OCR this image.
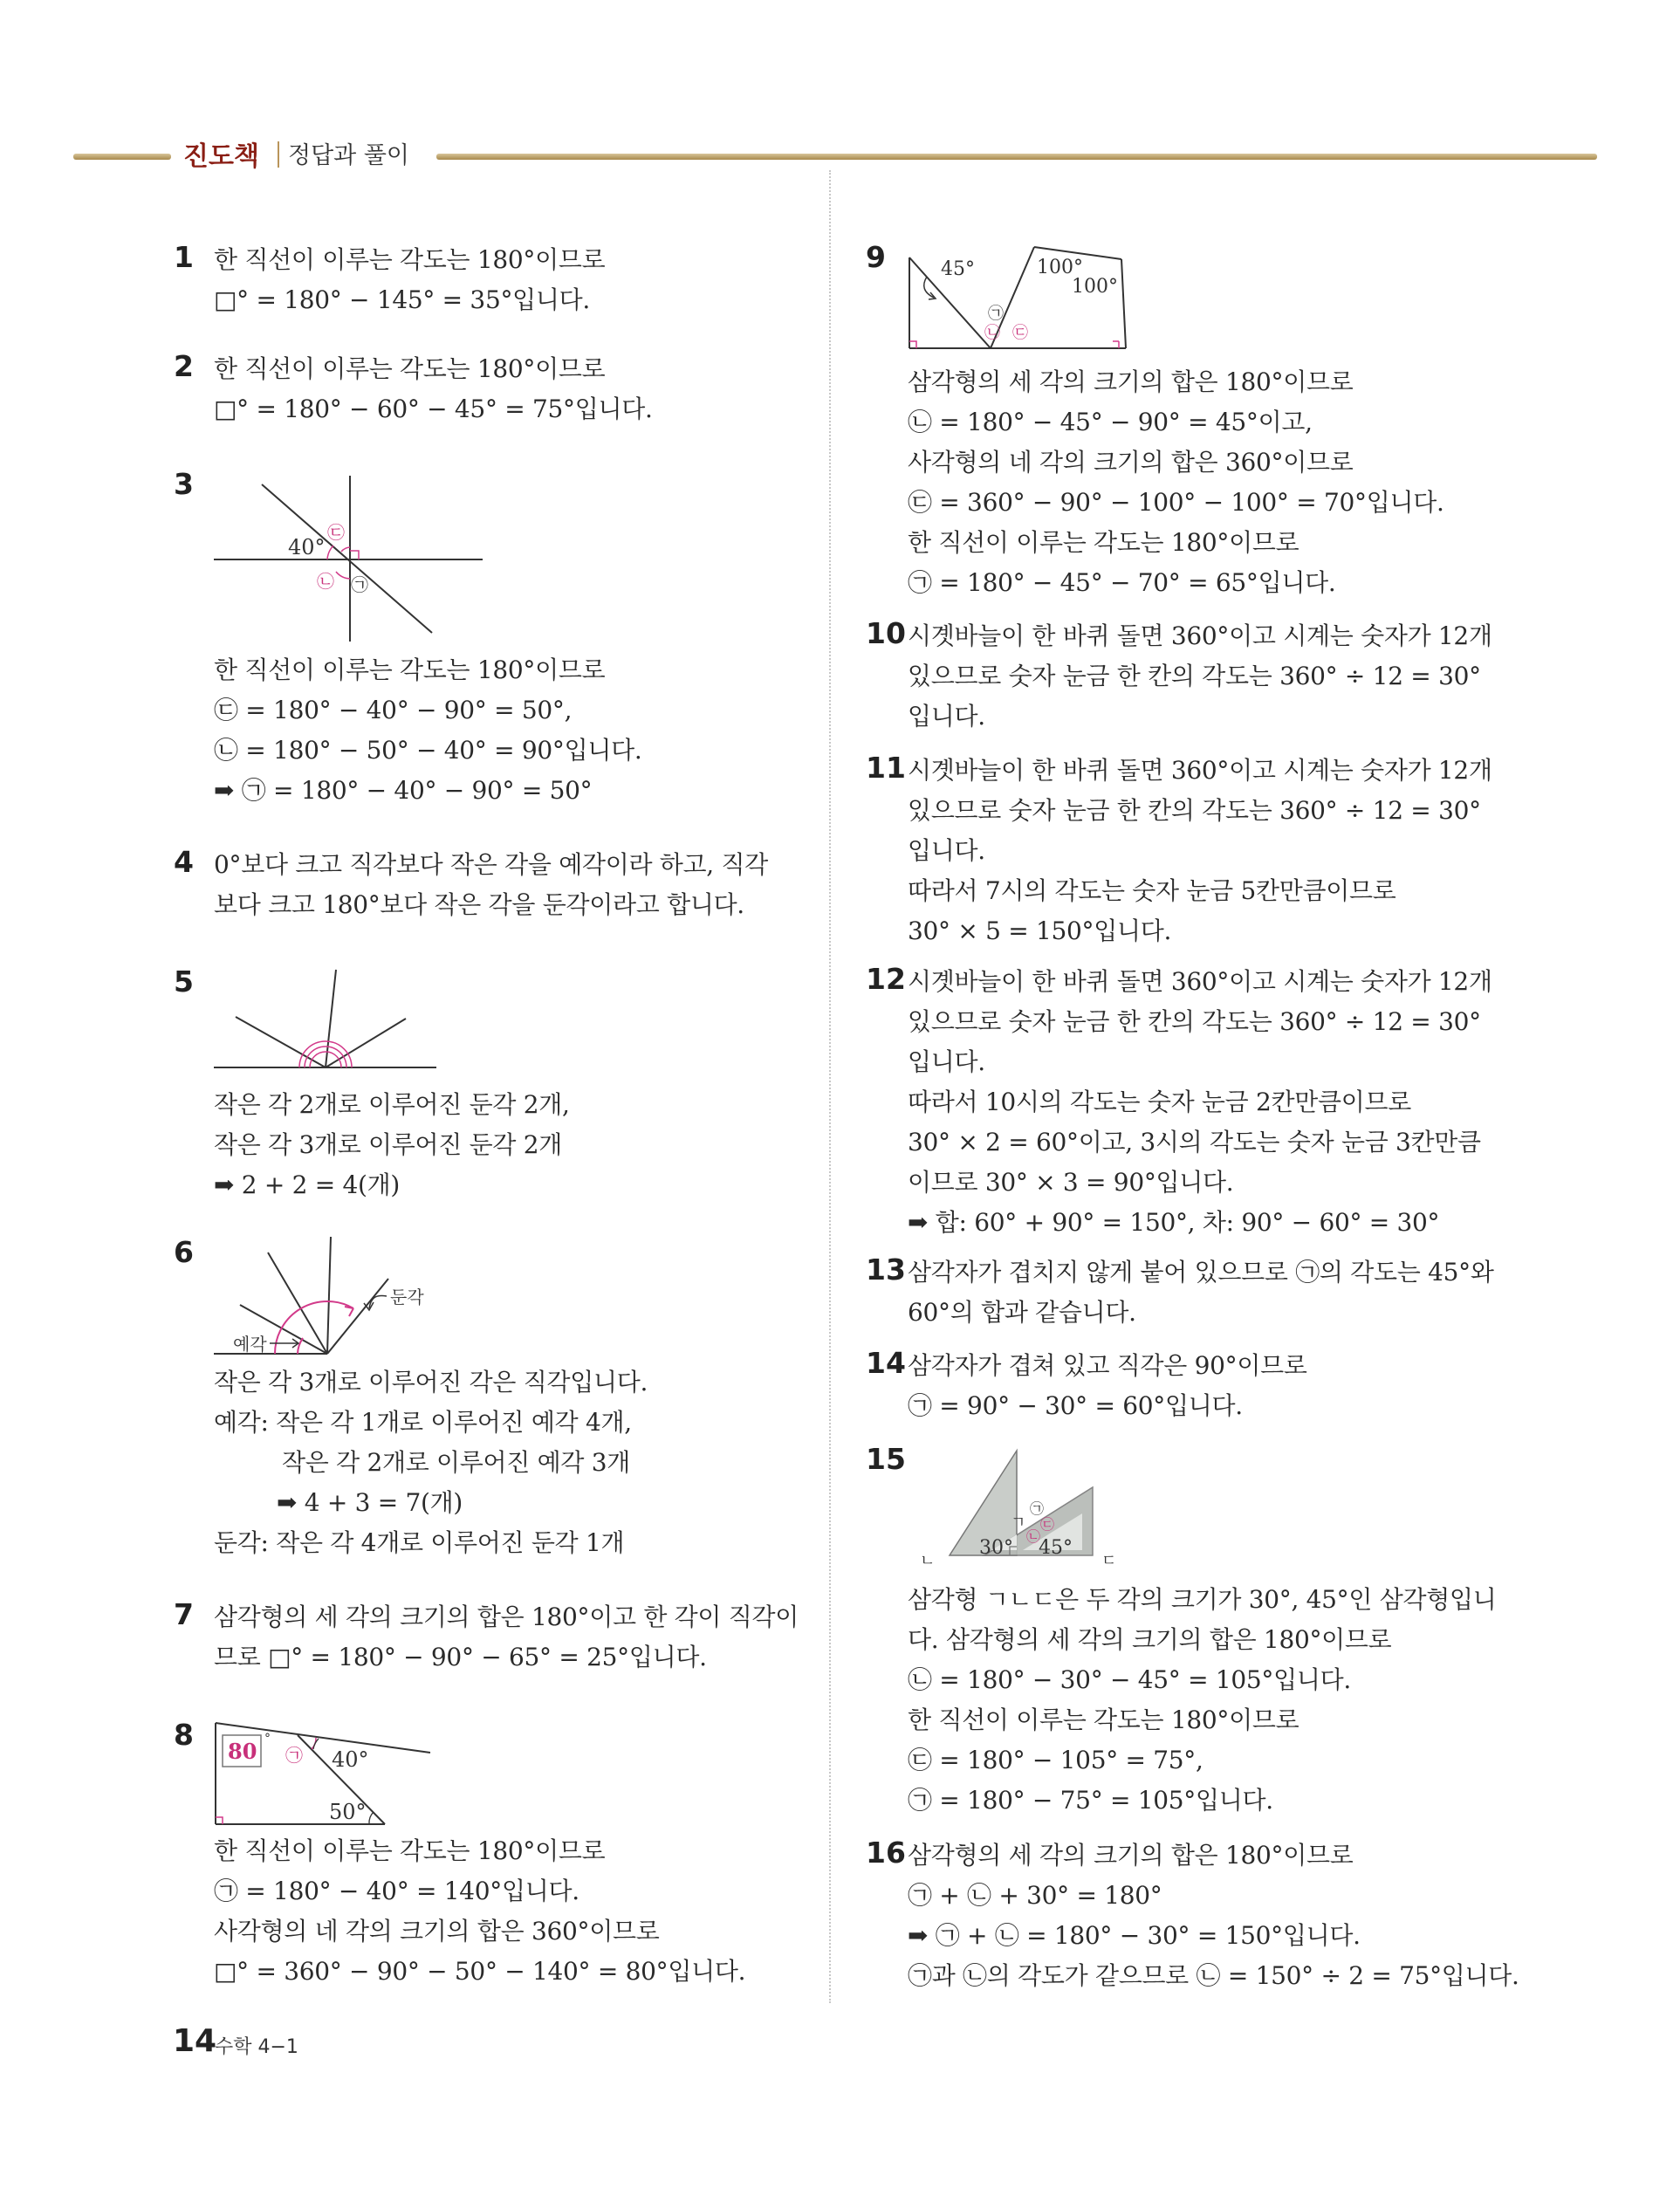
진도책 정답과 풀이
1 한 직선이 이루는 각도는 180°이므로
□° = 180° − 145° = 35°입니다.
2 한 직선이 이루는 각도는 180°이므로
□° = 180° − 60° − 45° = 75°입니다.
3
40°
㉢
㉡ ㉠
한 직선이 이루는 각도는 180°이므로
㉢ = 180° − 40° − 90° = 50°,
㉡ = 180° − 50° − 40° = 90°입니다.
➡ ㉠ = 180° − 40° − 90° = 50°
4 0°보다 크고 직각보다 작은 각을 예각이라 하고, 직각
보다 크고 180°보다 작은 각을 둔각이라고 합니다.
5
작은 각 2개로 이루어진 둔각 2개,
작은 각 3개로 이루어진 둔각 2개
➡ 2 + 2 = 4(개)
6
둔각
예각
작은 각 3개로 이루어진 각은 직각입니다.
예각: 작은 각 1개로 이루어진 예각 4개,
작은 각 2개로 이루어진 예각 3개
➡ 4 + 3 = 7(개)
둔각: 작은 각 4개로 이루어진 둔각 1개
7 삼각형의 세 각의 크기의 합은 180°이고 한 각이 직각이
므로 □° = 180° − 90° − 65° = 25°입니다.
8 80 °
㉠ 40°
50°
한 직선이 이루는 각도는 180°이므로
㉠ = 180° − 40° = 140°입니다.
사각형의 네 각의 크기의 합은 360°이므로
□° = 360° − 90° − 50° − 140° = 80°입니다.
9	45°	100°
100°
㉡
㉠
㉢
삼각형의 세 각의 크기의 합은 180°이므로
㉡ = 180° − 45° − 90° = 45°이고,
사각형의 네 각의 크기의 합은 360°이므로
㉢ = 360° − 90° − 100° − 100° = 70°입니다.
한 직선이 이루는 각도는 180°이므로
㉠ = 180° − 45° − 70° = 65°입니다.
10 시곗바늘이 한 바퀴 돌면 360°이고 시계는 숫자가 12개
있으므로 숫자 눈금 한 칸의 각도는 360° ÷ 12 = 30°
입니다.
11 시곗바늘이 한 바퀴 돌면 360°이고 시계는 숫자가 12개
있으므로 숫자 눈금 한 칸의 각도는 360° ÷ 12 = 30°
입니다.
따라서 7시의 각도는 숫자 눈금 5칸만큼이므로
30° × 5 = 150°입니다.
12 시곗바늘이 한 바퀴 돌면 360°이고 시계는 숫자가 12개
있으므로 숫자 눈금 한 칸의 각도는 360° ÷ 12 = 30°
입니다.
따라서 10시의 각도는 숫자 눈금 2칸만큼이므로
30° × 2 = 60°이고, 3시의 각도는 숫자 눈금 3칸만큼
이므로 30° × 3 = 90°입니다.
➡ 합: 60° + 90° = 150°, 차: 90° − 60° = 30°
13 삼각자가 겹치지 않게 붙어 있으므로 ㉠의 각도는 45°와
60°의 합과 같습니다.
14 삼각자가 겹쳐 있고 직각은 90°이므로
㉠ = 90° − 30° = 60°입니다.
15
㉠
㉢
㉡
ㄱ
ㄴ	ㄷ
30° 45°
삼각형 ㄱㄴㄷ은 두 각의 크기가 30°, 45°인 삼각형입니
다. 삼각형의 세 각의 크기의 합은 180°이므로
㉡ = 180° − 30° − 45° = 105°입니다.
한 직선이 이루는 각도는 180°이므로
㉢ = 180° − 105° = 75°,
㉠ = 180° − 75° = 105°입니다.
16 삼각형의 세 각의 크기의 합은 180°이므로
㉠ + ㉡ + 30° = 180°
➡ ㉠ + ㉡ = 180° − 30° = 150°입니다.
㉠과 ㉡의 각도가 같으므로 ㉡ = 150° ÷ 2 = 75°입니다.
14
수학 4−1
